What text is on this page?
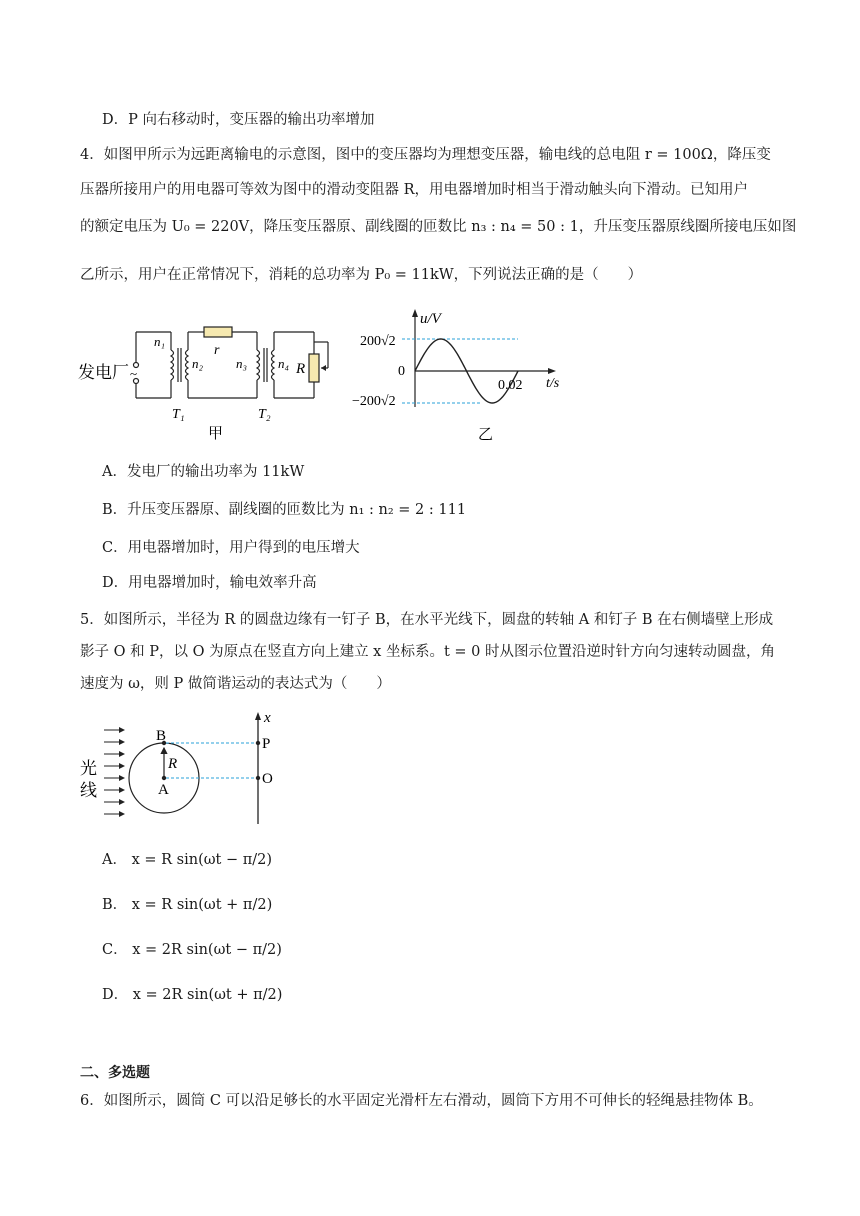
D．P 向右移动时，变压器的输出功率增加
4．如图甲所示为远距离输电的示意图，图中的变压器均为理想变压器，输电线的总电阻 r = 100Ω，降压变
压器所接用户的用电器可等效为图中的滑动变阻器 R，用电器增加时相当于滑动触头向下滑动。已知用户
的额定电压为 U₀ = 220V，降压变压器原、副线圈的匝数比 n₃ : n₄ = 50 : 1，升压变压器原线圈所接电压如图
乙所示，用户在正常情况下，消耗的总功率为 P₀ = 11kW，下列说法正确的是（　　）
发电厂 ~
n₁
n₂	n₃ n₄
r
R
T₁	T₂
甲
u/V
t/s
200√2
−200√2
0
0.02
乙
A．发电厂的输出功率为 11kW
B．升压变压器原、副线圈的匝数比为 n₁ : n₂ = 2 : 111
C．用电器增加时，用户得到的电压增大
D．用电器增加时，输电效率升高
5．如图所示，半径为 R 的圆盘边缘有一钉子 B，在水平光线下，圆盘的转轴 A 和钉子 B 在右侧墙壁上形成
影子 O 和 P，以 O 为原点在竖直方向上建立 x 坐标系。t = 0 时从图示位置沿逆时针方向匀速转动圆盘，角
速度为 ω，则 P 做简谐运动的表达式为（　　）
光
线
B
A
R
P
O
x
A． x = R sin(ωt − π/2)
B． x = R sin(ωt + π/2)
C． x = 2R sin(ωt − π/2)
D． x = 2R sin(ωt + π/2)
二、多选题
6．如图所示，圆筒 C 可以沿足够长的水平固定光滑杆左右滑动，圆筒下方用不可伸长的轻绳悬挂物体 B。
